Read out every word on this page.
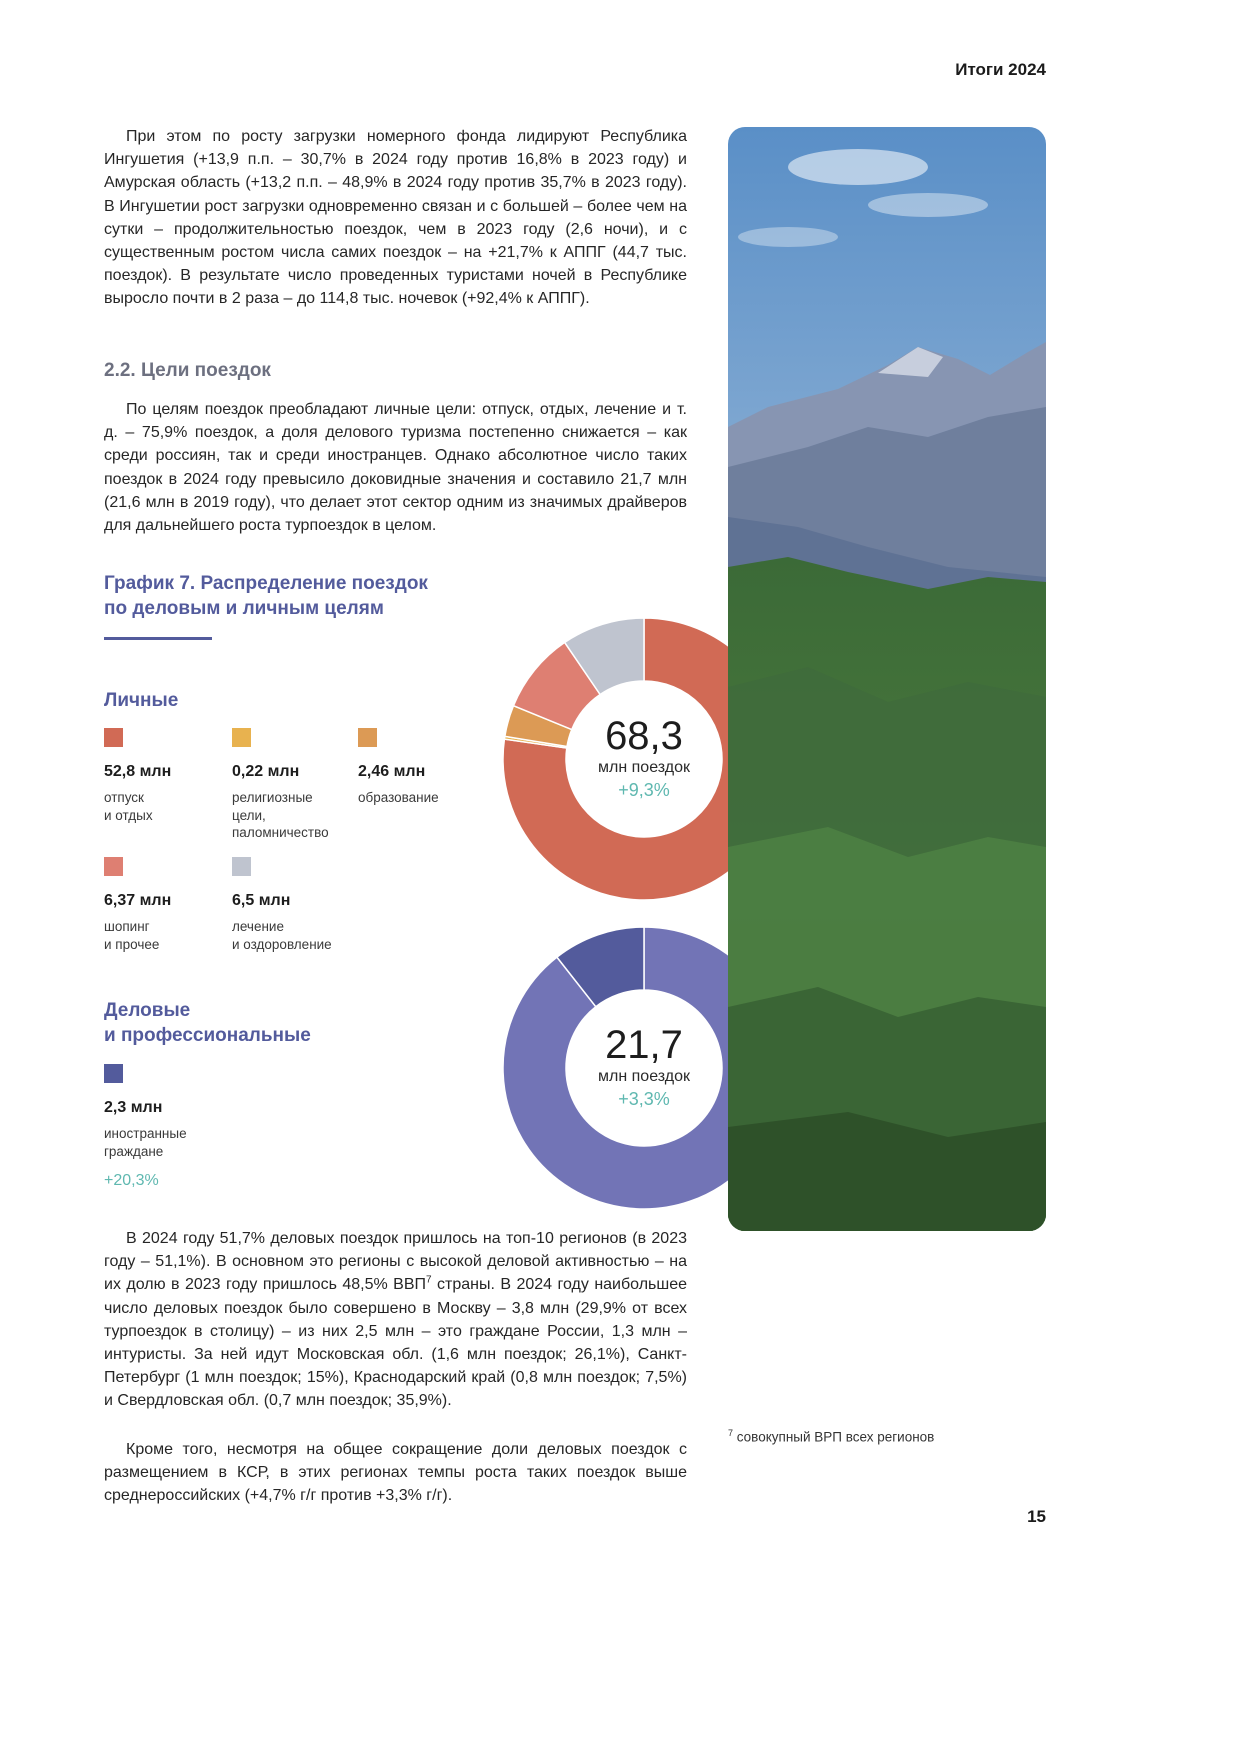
Итоги 2024

При этом по росту загрузки номерного фонда лидируют Республика Ингушетия (+13,9 п.п. – 30,7% в 2024 году против 16,8% в 2023 году) и Амурская область (+13,2 п.п. – 48,9% в 2024 году против 35,7% в 2023 году). В Ингушетии рост загрузки одновременно связан и с большей – более чем на сутки – продолжительностью поездок, чем в 2023 году (2,6 ночи), и с существенным ростом числа самих поездок – на +21,7% к АППГ (44,7 тыс. поездок). В результате число проведенных туристами ночей в Республике выросло почти в 2 раза – до 114,8 тыс. ночевок (+92,4% к АППГ).

2.2. Цели поездок

По целям поездок преобладают личные цели: отпуск, отдых, лечение и т. д. – 75,9% поездок, а доля делового туризма постепенно снижается – как среди россиян, так и среди иностранцев. Однако абсолютное число таких поездок в 2024 году превысило доковидные значения и составило 21,7 млн (21,6 млн в 2019 году), что делает этот сектор одним из значимых драйверов для дальнейшего роста турпоездок в целом.

График 7. Распределение поездок
по деловым и личным целям
Личные
52,8 млн
отпуск
и отдых
0,22 млн
религиозные
цели,
паломничество
2,46 млн
образование
6,37 млн
шопинг
и прочее
6,5 млн
лечение
и оздоровление
Деловые
и профессиональные
2,3 млн
иностранные
граждане
+20,3%
68,3
млн поездок
+9,3%
21,7
млн поездок
+3,3%

В 2024 году 51,7% деловых поездок пришлось на топ-10 регионов (в 2023 году – 51,1%). В основном это регионы с высокой деловой активностью – на их долю в 2023 году пришлось 48,5% ВВП$^7$ страны. В 2024 году наибольшее число деловых поездок было совершено в Москву – 3,8 млн (29,9% от всех турпоездок в столицу) – из них 2,5 млн – это граждане России, 1,3 млн – интуристы. За ней идут Московская обл. (1,6 млн поездок; 26,1%), Санкт-Петербург (1 млн поездок; 15%), Краснодарский край (0,8 млн поездок; 7,5%) и Свердловская обл. (0,7 млн поездок; 35,9%).

Кроме того, несмотря на общее сокращение доли деловых поездок с размещением в КСР, в этих регионах темпы роста таких поездок выше среднероссийских (+4,7% г/г против +3,3% г/г).

$^7$ совокупный ВРП всех регионов
15
